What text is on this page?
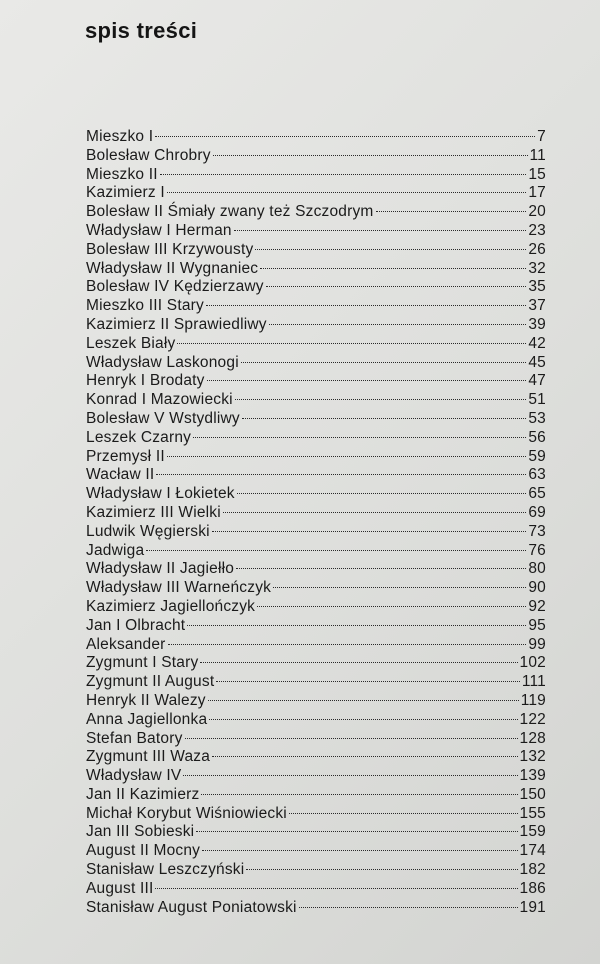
spis treści
Mieszko I	7
Bolesław Chrobry	11
Mieszko II	15
Kazimierz I	17
Bolesław II Śmiały zwany też Szczodrym	20
Władysław I Herman	23
Bolesław III Krzywousty	26
Władysław II Wygnaniec	32
Bolesław IV Kędzierzawy	35
Mieszko III Stary	37
Kazimierz II Sprawiedliwy	39
Leszek Biały	42
Władysław Laskonogi	45
Henryk I Brodaty	47
Konrad I Mazowiecki	51
Bolesław V Wstydliwy	53
Leszek Czarny	56
Przemysł II	59
Wacław II	63
Władysław I Łokietek	65
Kazimierz III Wielki	69
Ludwik Węgierski	73
Jadwiga	76
Władysław II Jagiełło	80
Władysław III Warneńczyk	90
Kazimierz Jagiellończyk	92
Jan I Olbracht	95
Aleksander	99
Zygmunt I Stary	102
Zygmunt II August	111
Henryk II Walezy	119
Anna Jagiellonka	122
Stefan Batory	128
Zygmunt III Waza	132
Władysław IV	139
Jan II Kazimierz	150
Michał Korybut Wiśniowiecki	155
Jan III Sobieski	159
August II Mocny	174
Stanisław Leszczyński	182
August III	186
Stanisław August Poniatowski	191
